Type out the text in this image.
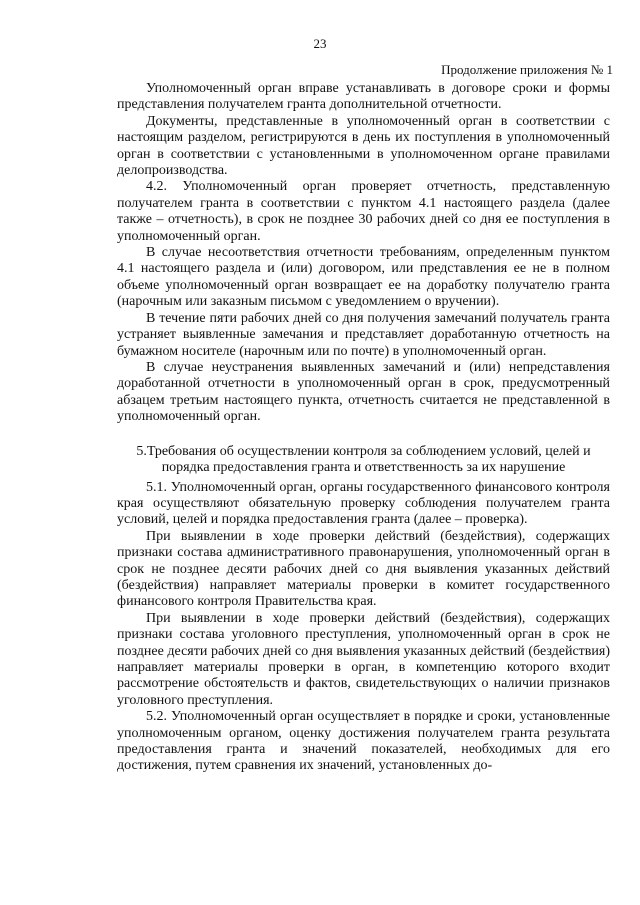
23
Продолжение приложения № 1

Уполномоченный орган вправе устанавливать в договоре сроки и формы представления получателем гранта дополнительной отчетности.

Документы, представленные в уполномоченный орган в соответствии с настоящим разделом, регистрируются в день их поступления в уполномоченный орган в соответствии с установленными в уполномоченном органе правилами делопроизводства.

4.2. Уполномоченный орган проверяет отчетность, представленную получателем гранта в соответствии с пунктом 4.1 настоящего раздела (далее также – отчетность), в срок не позднее 30 рабочих дней со дня ее поступления в уполномоченный орган.

В случае несоответствия отчетности требованиям, определенным пунктом 4.1 настоящего раздела и (или) договором, или представления ее не в полном объеме уполномоченный орган возвращает ее на доработку получателю гранта (нарочным или заказным письмом с уведомлением о вручении).

В течение пяти рабочих дней со дня получения замечаний получатель гранта устраняет выявленные замечания и представляет доработанную отчетность на бумажном носителе (нарочным или по почте) в уполномоченный орган.

В случае неустранения выявленных замечаний и (или) непредставления доработанной отчетности в уполномоченный орган в срок, предусмотренный абзацем третьим настоящего пункта, отчетность считается не представленной в уполномоченный орган.

5.Требования об осуществлении контроля за соблюдением условий, целей и порядка предоставления гранта и ответственность за их нарушение

5.1. Уполномоченный орган, органы государственного финансового контроля края осуществляют обязательную проверку соблюдения получателем гранта условий, целей и порядка предоставления гранта (далее – проверка).

При выявлении в ходе проверки действий (бездействия), содержащих признаки состава административного правонарушения, уполномоченный орган в срок не позднее десяти рабочих дней со дня выявления указанных действий (бездействия) направляет материалы проверки в комитет государственного финансового контроля Правительства края.

При выявлении в ходе проверки действий (бездействия), содержащих признаки состава уголовного преступления, уполномоченный орган в срок не позднее десяти рабочих дней со дня выявления указанных действий (бездействия) направляет материалы проверки в орган, в компетенцию которого входит рассмотрение обстоятельств и фактов, свидетельствующих о наличии признаков уголовного преступления.

5.2. Уполномоченный орган осуществляет в порядке и сроки, установленные уполномоченным органом, оценку достижения получателем гранта результата предоставления гранта и значений показателей, необходимых для его достижения, путем сравнения их значений, установленных до-
